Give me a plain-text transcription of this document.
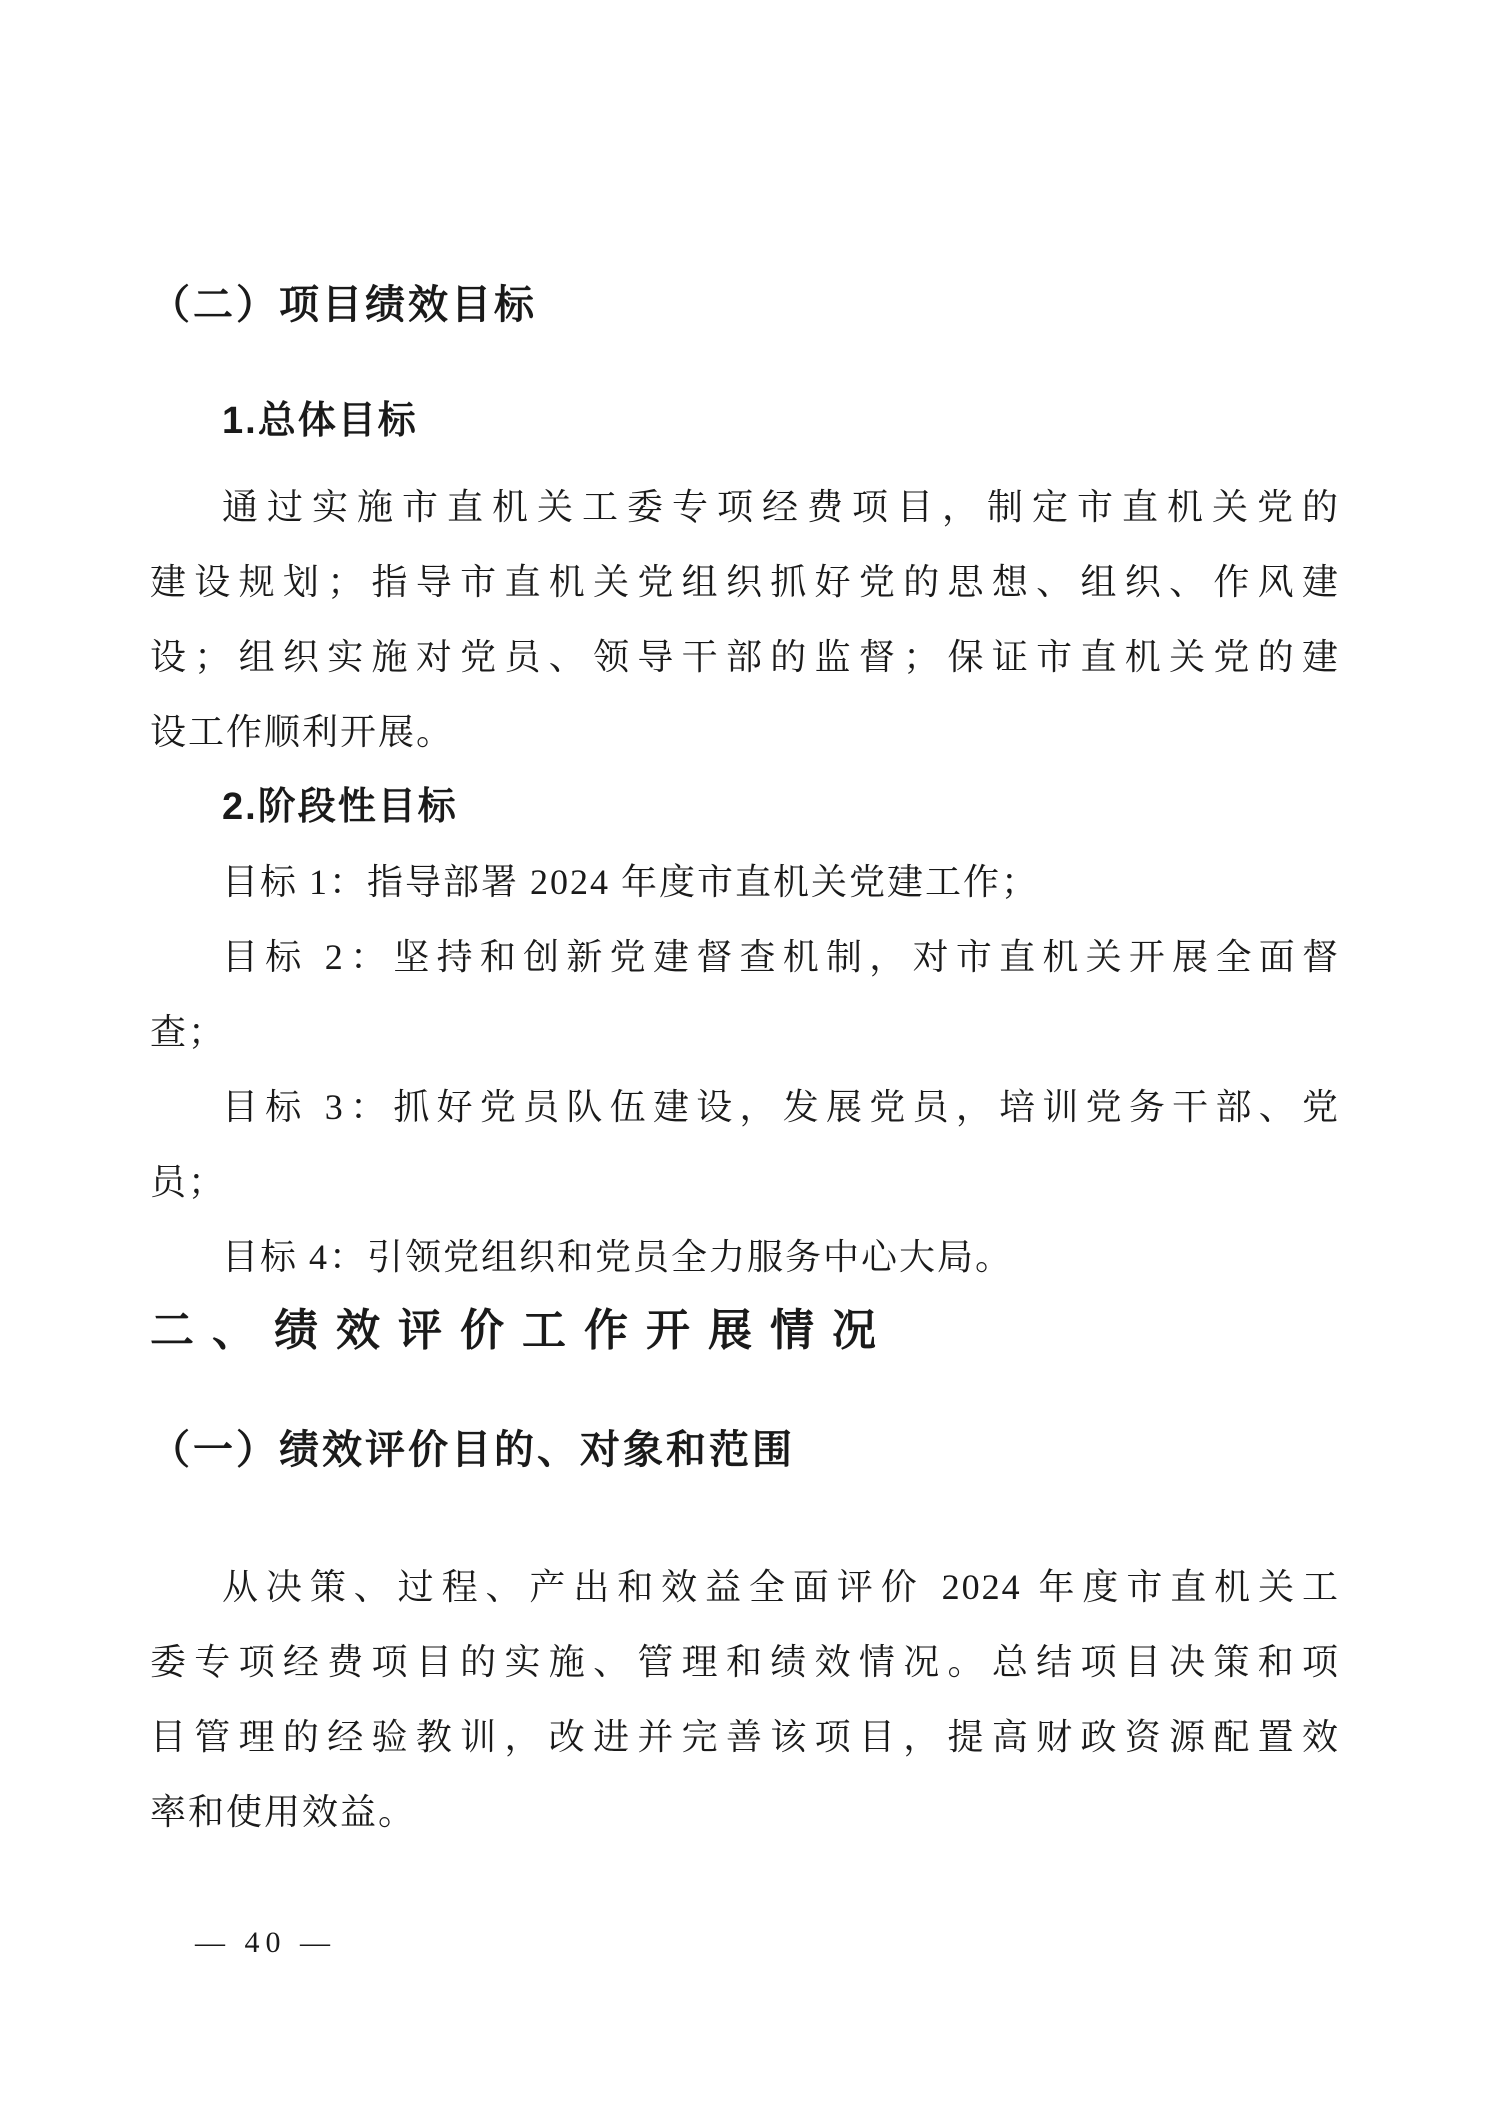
（二）项目绩效目标
1.总体目标
通过实施市直机关工委专项经费项目，制定市直机关党的
建设规划；指导市直机关党组织抓好党的思想、组织、作风建
设；组织实施对党员、领导干部的监督；保证市直机关党的建
设工作顺利开展。
2.阶段性目标
目标 1：指导部署 2024 年度市直机关党建工作；
目标 2：坚持和创新党建督查机制，对市直机关开展全面督
查；
目标 3：抓好党员队伍建设，发展党员，培训党务干部、党
员；
目标 4：引领党组织和党员全力服务中心大局。
二、绩效评价工作开展情况
（一）绩效评价目的、对象和范围
从决策、过程、产出和效益全面评价 2024 年度市直机关工
委专项经费项目的实施、管理和绩效情况。总结项目决策和项
目管理的经验教训，改进并完善该项目，提高财政资源配置效
率和使用效益。
— 40 —
